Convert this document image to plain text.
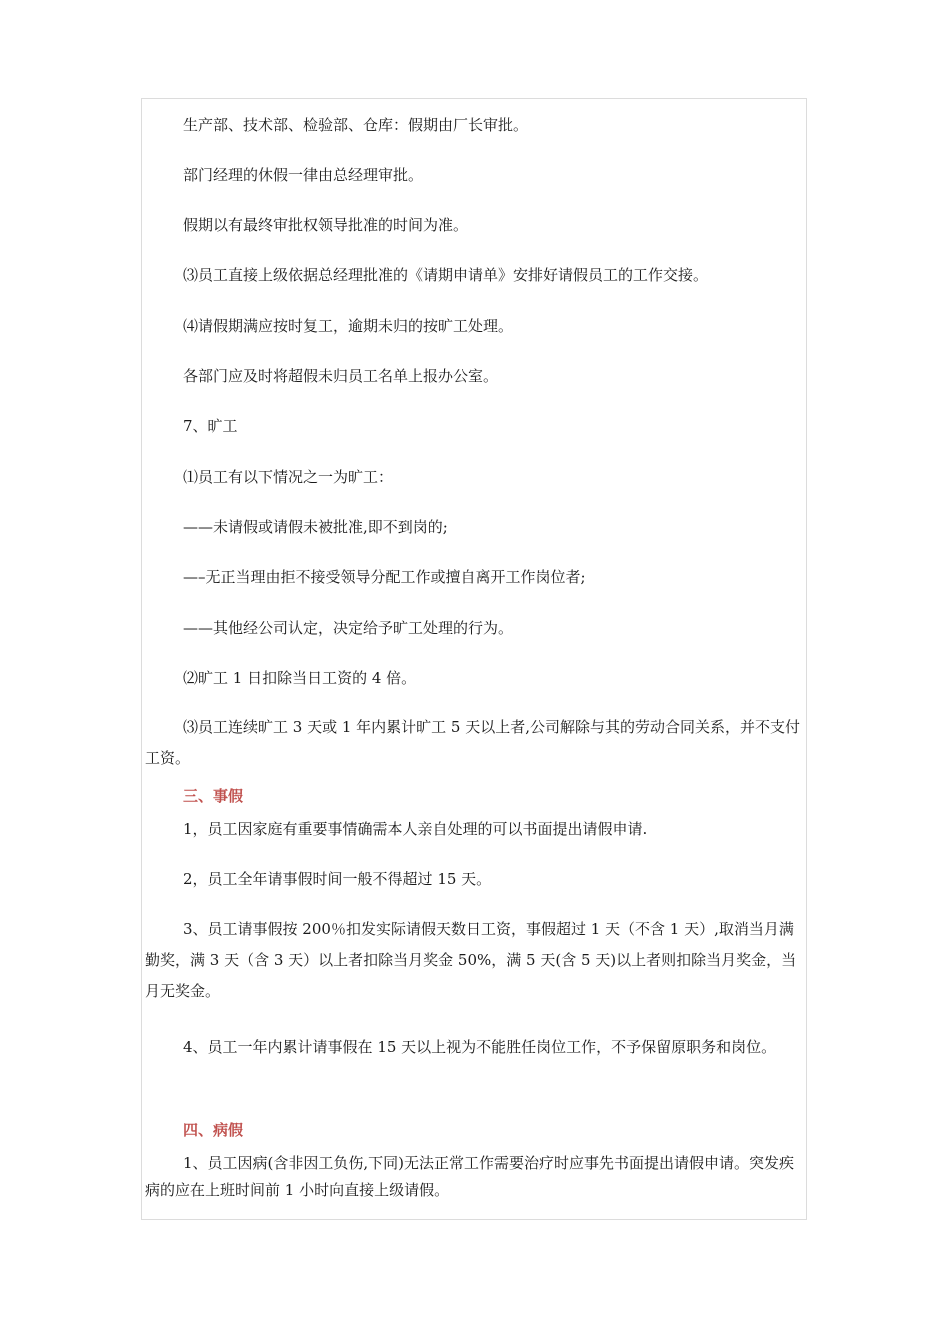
生产部、技术部、检验部、仓库：假期由厂长审批。
部门经理的休假一律由总经理审批。
假期以有最终审批权领导批准的时间为准。
⑶员工直接上级依据总经理批准的《请期申请单》安排好请假员工的工作交接。
⑷请假期满应按时复工，逾期未归的按旷工处理。
各部门应及时将超假未归员工名单上报办公室。
7、旷工
⑴员工有以下情况之一为旷工：
——未请假或请假未被批准,即不到岗的;
—–无正当理由拒不接受领导分配工作或擅自离开工作岗位者;
——其他经公司认定，决定给予旷工处理的行为。
⑵旷工 1 日扣除当日工资的 4 倍。
⑶员工连续旷工 3 天或 1 年内累计旷工 5 天以上者,公司解除与其的劳动合同关系，并不支付工资。
三、事假
1，员工因家庭有重要事情确需本人亲自处理的可以书面提出请假申请.
2，员工全年请事假时间一般不得超过 15 天。
3、员工请事假按 200％扣发实际请假天数日工资，事假超过 1 天（不含 1 天）,取消当月满勤奖，满 3 天（含 3 天）以上者扣除当月奖金 50%，满 5 天(含 5 天)以上者则扣除当月奖金，当月无奖金。
4、员工一年内累计请事假在 15 天以上视为不能胜任岗位工作，不予保留原职务和岗位。
四、病假
1、员工因病(含非因工负伤,下同)无法正常工作需要治疗时应事先书面提出请假申请。突发疾病的应在上班时间前 1 小时向直接上级请假。
